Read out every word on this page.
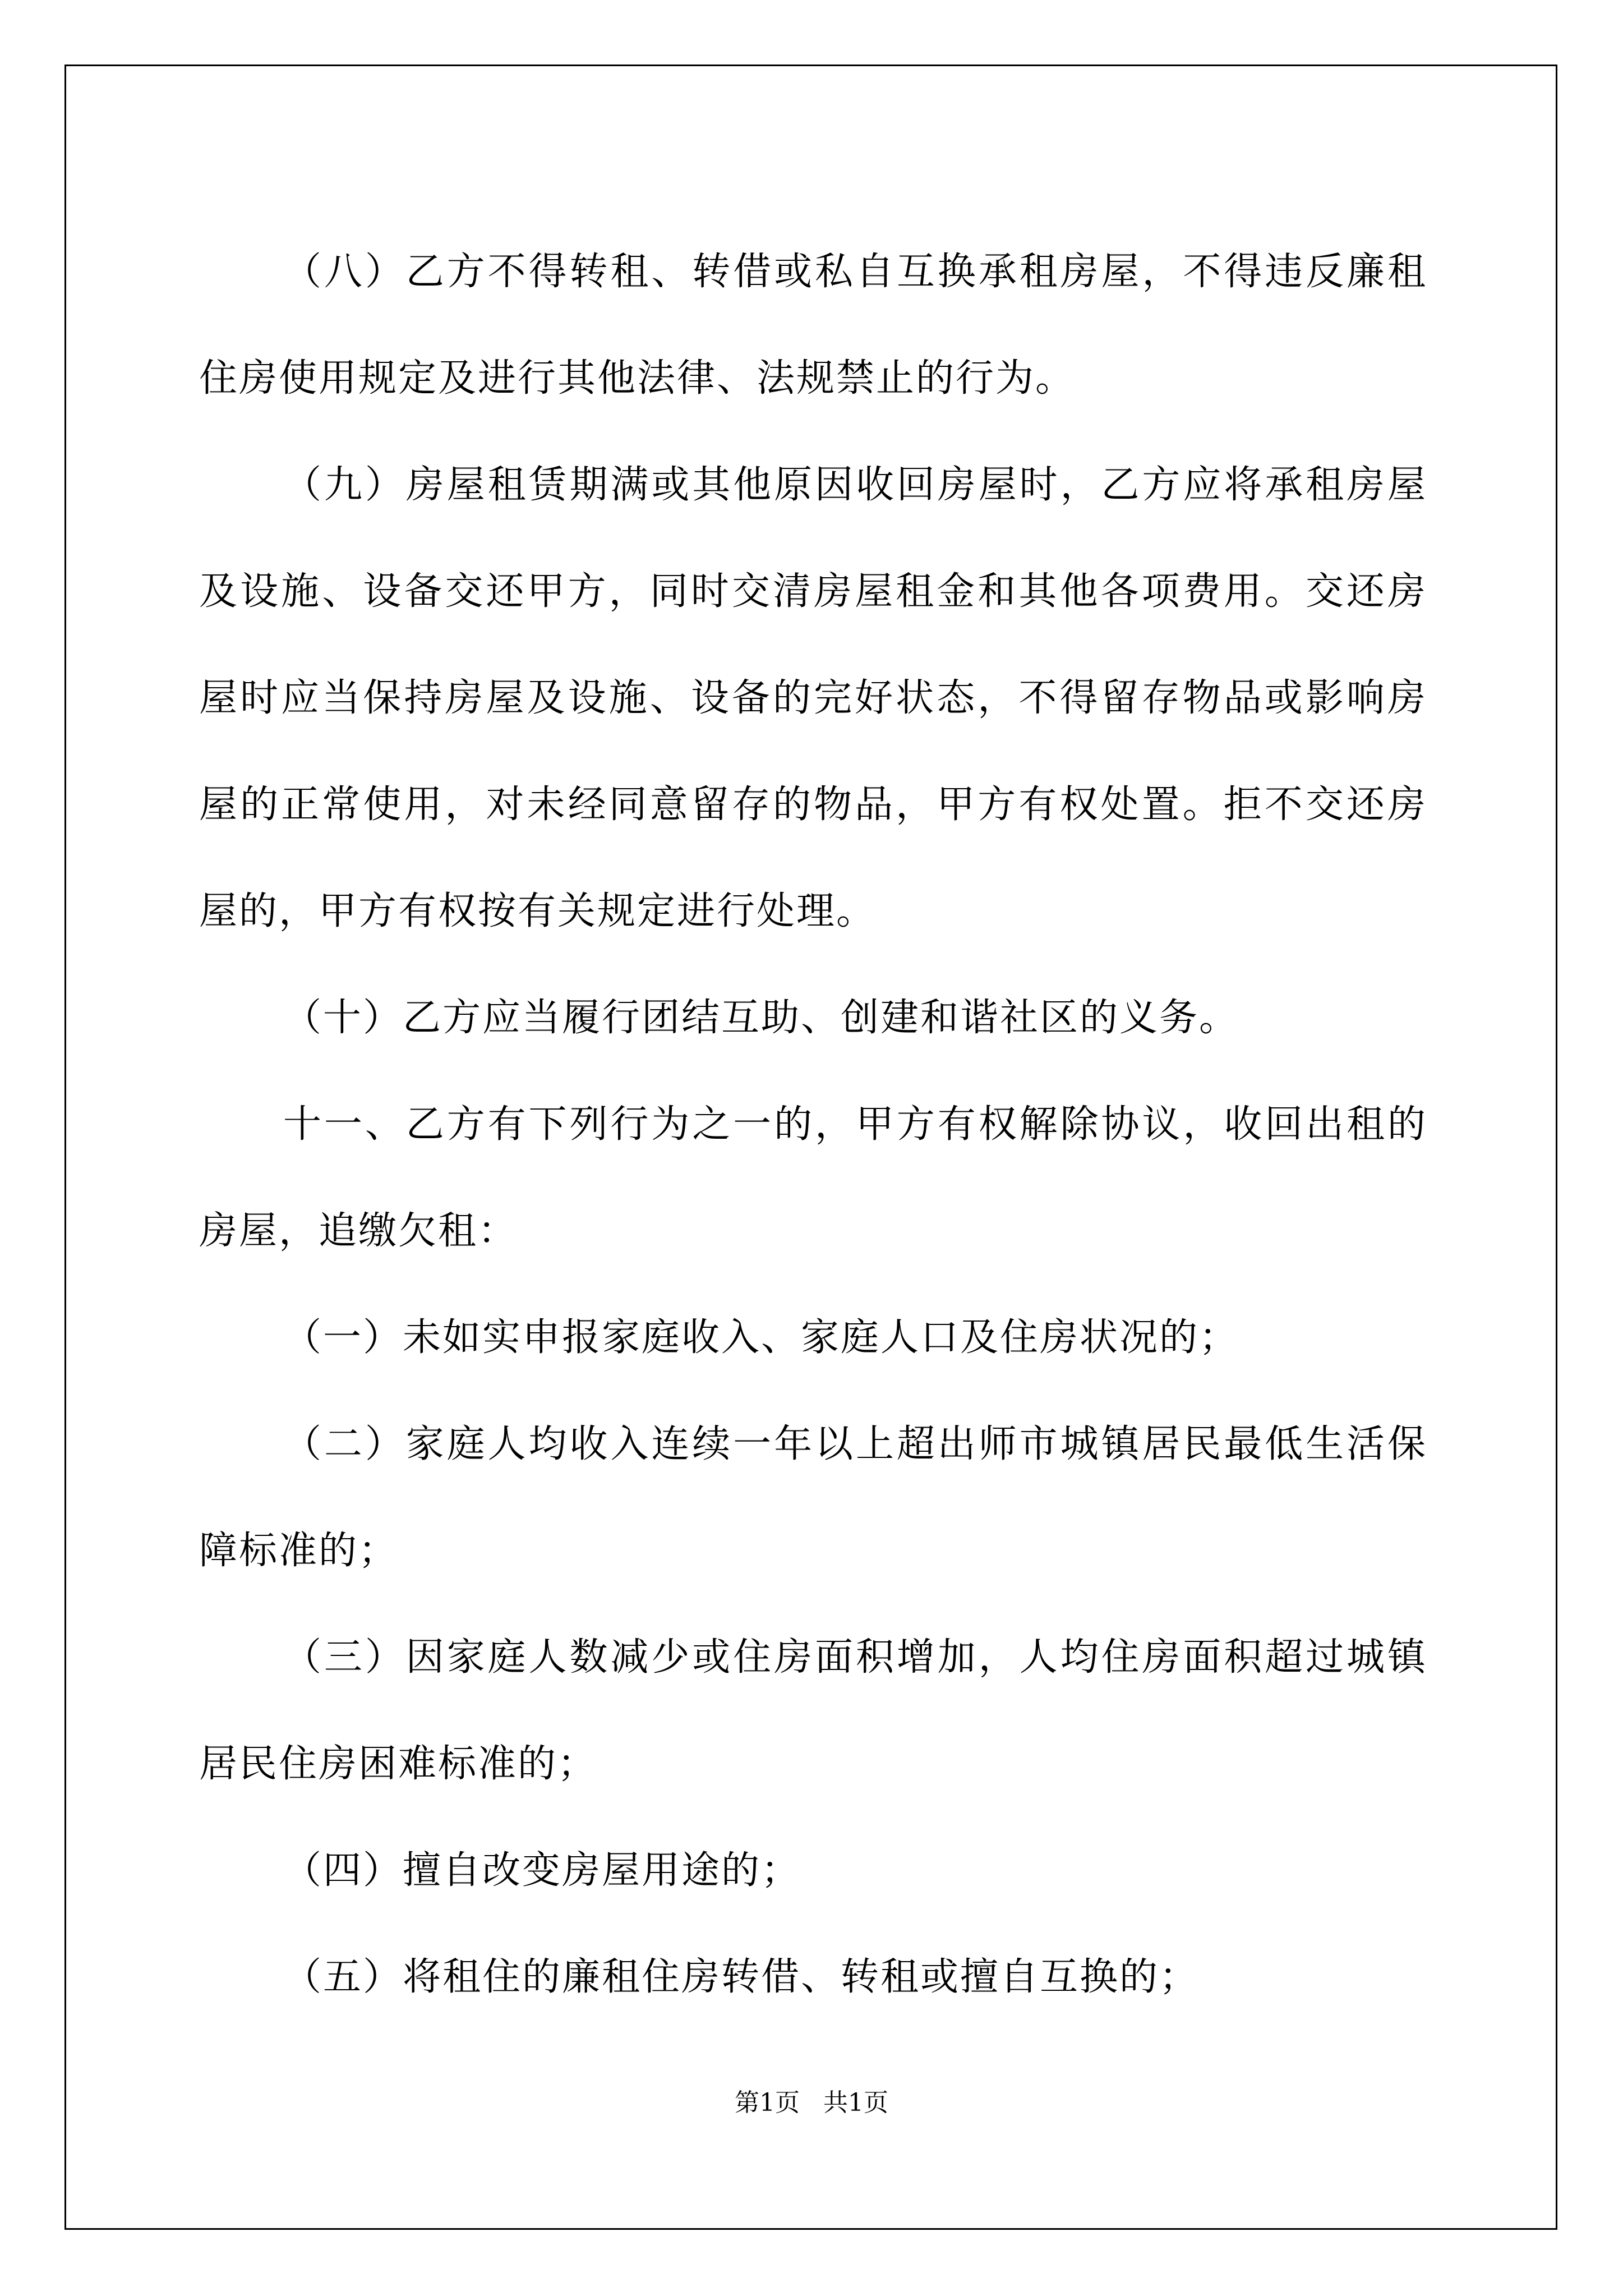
（八）乙方不得转租、转借或私自互换承租房屋，不得违反廉租住房使用规定及进行其他法律、法规禁止的行为。

（九）房屋租赁期满或其他原因收回房屋时，乙方应将承租房屋及设施、设备交还甲方，同时交清房屋租金和其他各项费用。交还房屋时应当保持房屋及设施、设备的完好状态，不得留存物品或影响房屋的正常使用，对未经同意留存的物品，甲方有权处置。拒不交还房屋的，甲方有权按有关规定进行处理。

（十）乙方应当履行团结互助、创建和谐社区的义务。

十一、乙方有下列行为之一的，甲方有权解除协议，收回出租的房屋，追缴欠租：

（一）未如实申报家庭收入、家庭人口及住房状况的；

（二）家庭人均收入连续一年以上超出师市城镇居民最低生活保障标准的；

（三）因家庭人数减少或住房面积增加，人均住房面积超过城镇居民住房困难标准的；

（四）擅自改变房屋用途的；

（五）将租住的廉租住房转借、转租或擅自互换的；

第1页   共1页
